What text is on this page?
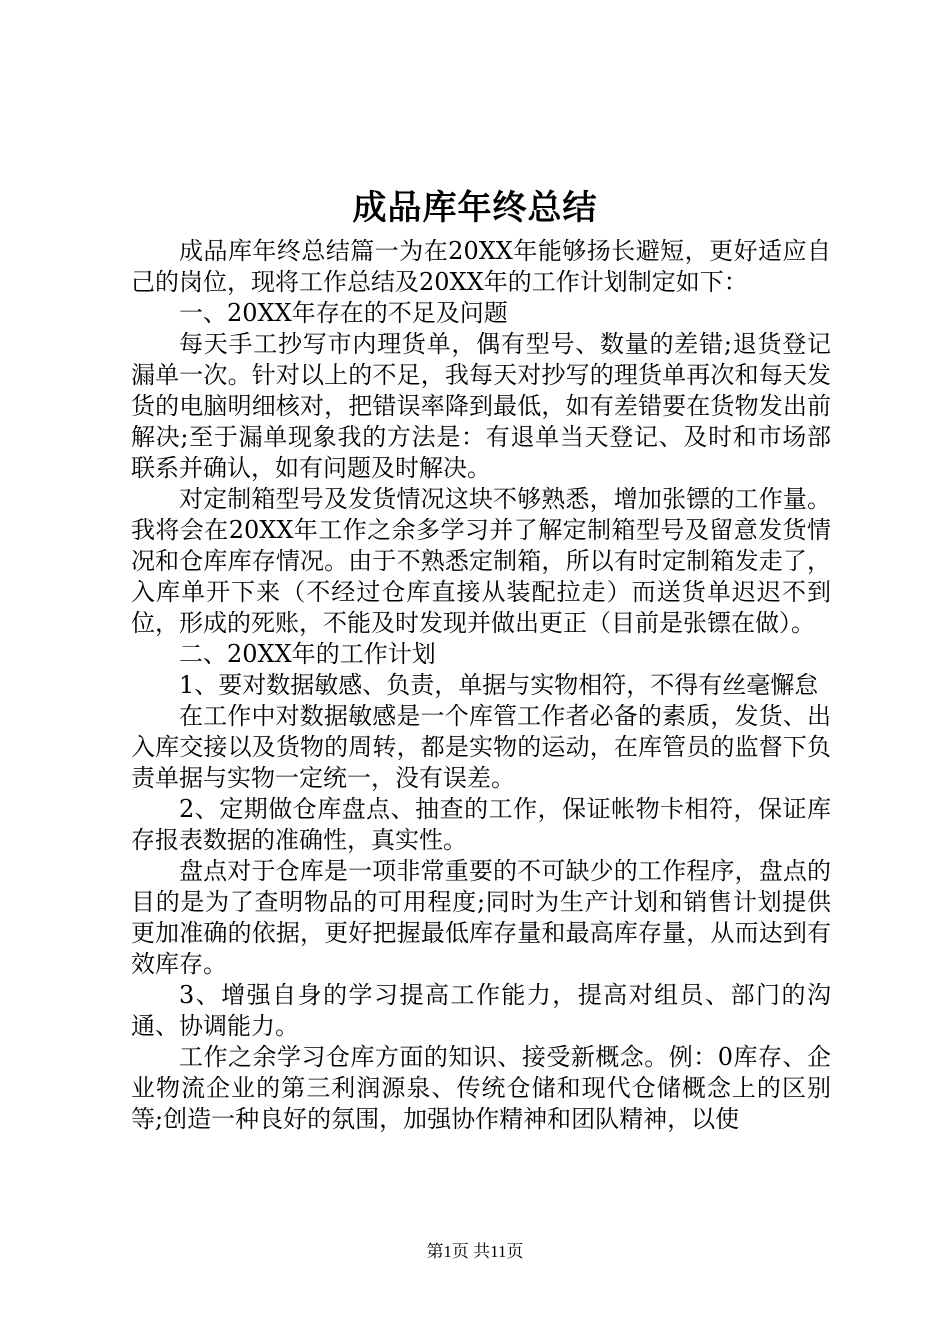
成品库年终总结

成品库年终总结篇一为在20XX年能够扬长避短，更好适应自己的岗位，现将工作总结及20XX年的工作计划制定如下：

一、20XX年存在的不足及问题

每天手工抄写市内理货单，偶有型号、数量的差错;退货登记漏单一次。针对以上的不足，我每天对抄写的理货单再次和每天发货的电脑明细核对，把错误率降到最低，如有差错要在货物发出前解决;至于漏单现象我的方法是：有退单当天登记、及时和市场部联系并确认，如有问题及时解决。

对定制箱型号及发货情况这块不够熟悉，增加张镖的工作量。我将会在20XX年工作之余多学习并了解定制箱型号及留意发货情况和仓库库存情况。由于不熟悉定制箱，所以有时定制箱发走了，入库单开下来（不经过仓库直接从装配拉走）而送货单迟迟不到位，形成的死账，不能及时发现并做出更正（目前是张镖在做）。

二、20XX年的工作计划

1、要对数据敏感、负责，单据与实物相符，不得有丝毫懈怠

在工作中对数据敏感是一个库管工作者必备的素质，发货、出入库交接以及货物的周转，都是实物的运动，在库管员的监督下负责单据与实物一定统一，没有误差。

2、定期做仓库盘点、抽查的工作，保证帐物卡相符，保证库存报表数据的准确性，真实性。

盘点对于仓库是一项非常重要的不可缺少的工作程序，盘点的目的是为了查明物品的可用程度;同时为生产计划和销售计划提供更加准确的依据，更好把握最低库存量和最高库存量，从而达到有效库存。

3、增强自身的学习提高工作能力，提高对组员、部门的沟通、协调能力。

工作之余学习仓库方面的知识、接受新概念。例：0库存、企业物流企业的第三利润源泉、传统仓储和现代仓储概念上的区别等;创造一种良好的氛围，加强协作精神和团队精神，以使

第1页 共11页
